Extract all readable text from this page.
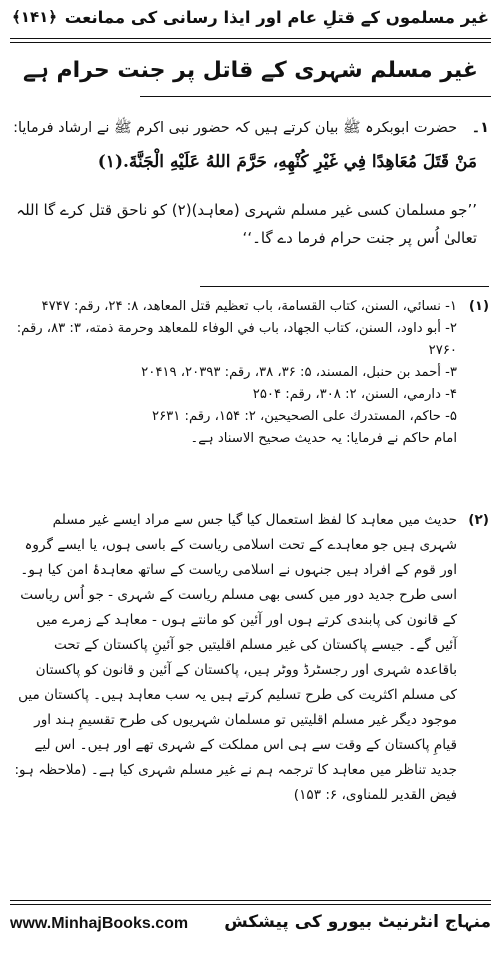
غیر مسلموں کے قتلِ عام اور ایذا رسانی کی ممانعت
﴿۱۴۱﴾
غیر مسلم شہری کے قاتل پر جنت حرام ہے
۱۔ حضرت ابوبکرہ ﷺ بیان کرتے ہیں کہ حضور نبی اکرم ﷺ نے ارشاد فرمایا:
مَنْ قَتَلَ مُعَاهِدًا فِي غَيْرِ كُنْهِهِ، حَرَّمَ اللهُ عَلَيْهِ الْجَنَّةَ.(۱)
’’جو مسلمان کسی غیر مسلم شہری (معاہد)(۲) کو ناحق قتل کرے گا اللہ تعالیٰ اُس پر جنت حرام فرما دے گا۔‘‘
(۱)
۱- نسائي، السنن، كتاب القسامة، باب تعظيم قتل المعاهد، ۸: ۲۴، رقم: ۴۷۴۷
۲- أبو داود، السنن، كتاب الجهاد، باب في الوفاء للمعاهد وحرمة ذمته، ۳: ۸۳، رقم: ۲۷۶۰
۳- أحمد بن حنبل، المسند، ۵: ۳۶، ۳۸، رقم: ۲۰۳۹۳، ۲۰۴۱۹
۴- دارمي، السنن، ۲: ۳۰۸، رقم: ۲۵۰۴
۵- حاكم، المستدرك على الصحيحين، ۲: ۱۵۴، رقم: ۲۶۳۱
امام حاکم نے فرمایا: یہ حدیث صحیح الاسناد ہے۔
(۲)
حدیث میں معاہد کا لفظ استعمال کیا گیا جس سے مراد ایسے غیر مسلم شہری ہیں جو معاہدے کے تحت اسلامی ریاست کے باسی ہوں، یا ایسے گروہ اور قوم کے افراد ہیں جنہوں نے اسلامی ریاست کے ساتھ معاہدۂ امن کیا ہو۔ اسی طرح جدید دور میں کسی بھی مسلم ریاست کے شہری - جو اُس ریاست کے قانون کی پابندی کرتے ہوں اور آئین کو مانتے ہوں - معاہد کے زمرے میں آئیں گے۔ جیسے پاکستان کی غیر مسلم اقلیتیں جو آئینِ پاکستان کے تحت باقاعدہ شہری اور رجسٹرڈ ووٹر ہیں، پاکستان کے آئین و قانون کو پاکستان کی مسلم اکثریت کی طرح تسلیم کرتے ہیں یہ سب معاہد ہیں۔ پاکستان میں موجود دیگر غیر مسلم اقلیتیں تو مسلمان شہریوں کی طرح تقسیمِ ہند اور قیامِ پاکستان کے وقت سے ہی اس مملکت کے شہری تھے اور ہیں۔ اس لیے جدید تناظر میں معاہد کا ترجمہ ہم نے غیر مسلم شہری کیا ہے۔ (ملاحظہ ہو: فیض القدیر للمناوی، ۶: ۱۵۳)
www.MinhajBooks.com منہاج انٹرنیٹ بیورو کی پیشکش
